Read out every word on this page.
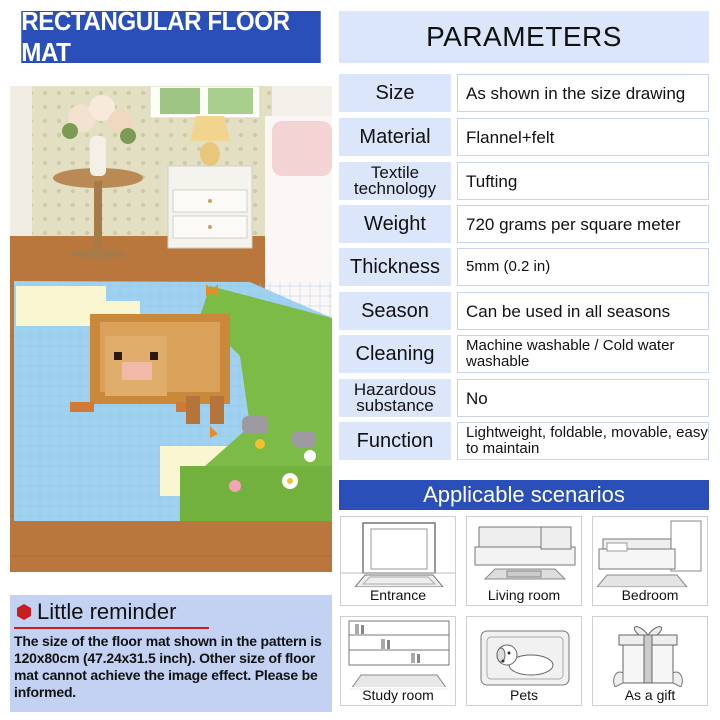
RECTANGULAR FLOOR MAT
Little reminder
The size of the floor mat shown in the pattern is 120x80cm (47.24x31.5 inch). Other size of floor mat cannot achieve the image effect. Please be informed.
PARAMETERS
Size	As shown in the size drawing
Material	Flannel+felt
Textile technology	Tufting
Weight	720 grams per square meter
Thickness	5mm (0.2 in)
Season	Can be used in all seasons
Cleaning	Machine washable / Cold water washable
Hazardous substance	No
Function	Lightweight, foldable, movable, easy to maintain
Applicable scenarios
Entrance	Living room	Bedroom
Study room	Pets	As a gift
